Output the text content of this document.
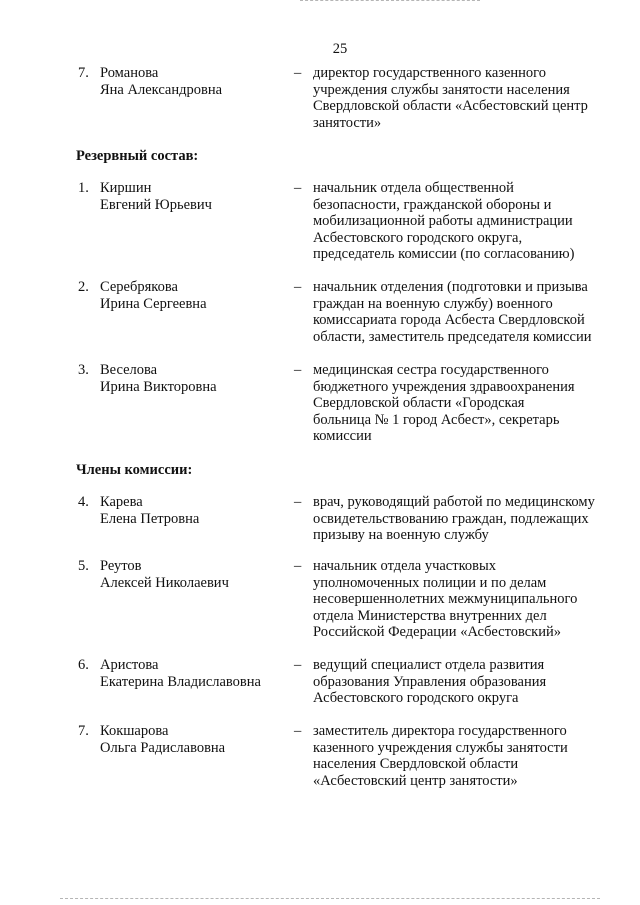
25
7. Романова
Яна Александровна
– директор государственного казенного
учреждения службы занятости населения
Свердловской области «Асбестовский центр
занятости»
Резервный состав:
1. Киршин
Евгений Юрьевич
– начальник отдела общественной
безопасности, гражданской обороны и
мобилизационной работы администрации
Асбестовского городского округа,
председатель комиссии (по согласованию)
2. Серебрякова
Ирина Сергеевна
– начальник отделения (подготовки и призыва
граждан на военную службу) военного
комиссариата города Асбеста Свердловской
области, заместитель председателя комиссии
3. Веселова
Ирина Викторовна
– медицинская сестра государственного
бюджетного учреждения здравоохранения
Свердловской области «Городская
больница № 1 город Асбест», секретарь
комиссии
Члены комиссии:
4. Карева
Елена Петровна
– врач, руководящий работой по медицинскому
освидетельствованию граждан, подлежащих
призыву на военную службу
5. Реутов
Алексей Николаевич
– начальник отдела участковых
уполномоченных полиции и по делам
несовершеннолетних межмуниципального
отдела Министерства внутренних дел
Российской Федерации «Асбестовский»
6. Аристова
Екатерина Владиславовна
– ведущий специалист отдела развития
образования Управления образования
Асбестовского городского округа
7. Кокшарова
Ольга Радиславовна
– заместитель директора государственного
казенного учреждения службы занятости
населения Свердловской области
«Асбестовский центр занятости»
